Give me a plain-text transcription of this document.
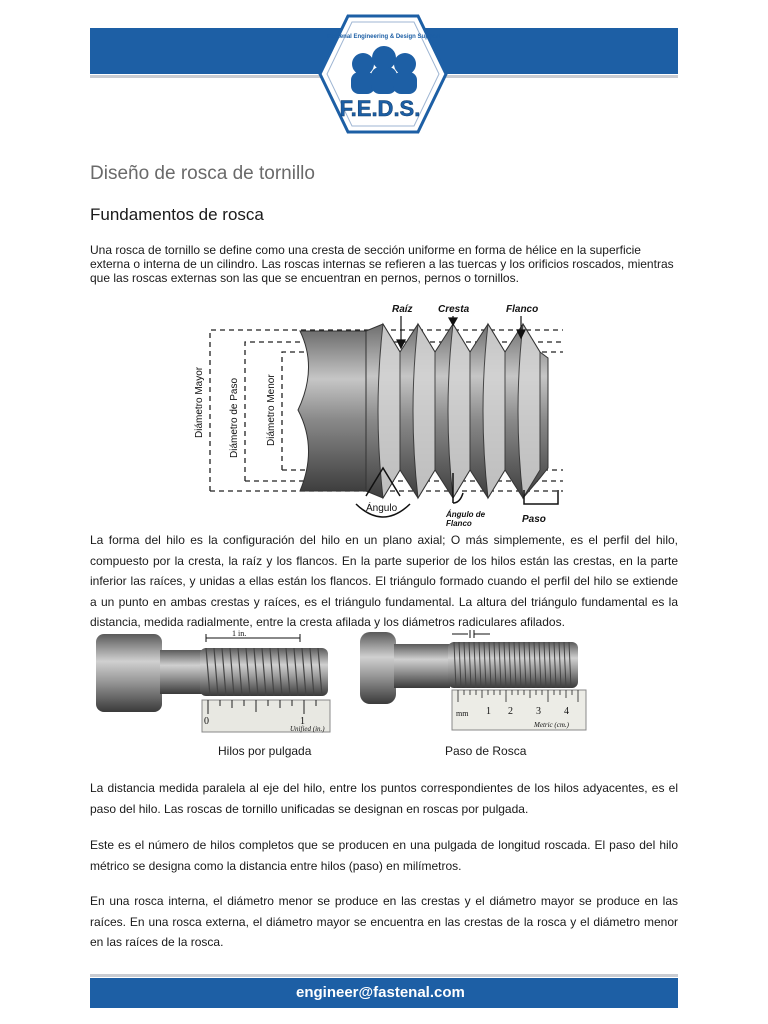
Fastenal Engineering & Design Support
F.E.D.S.
Diseño de rosca de tornillo
Fundamentos de rosca
Una rosca de tornillo se define como una cresta de sección uniforme en forma de hélice en la superficie externa o interna de un cilindro. Las roscas internas se refieren a las tuercas y los orificios roscados, mientras que las roscas externas son las que se encuentran en pernos, pernos o tornillos.
Raíz	Cresta	Flanco
Diámetro Mayor Diámetro de Paso	Diámetro Menor
Ángulo
Ángulo de
Flanco	Paso
La forma del hilo es la configuración del hilo en un plano axial; O más simplemente, es el perfil del hilo, compuesto por la cresta, la raíz y los flancos. En la parte superior de los hilos están las crestas, en la parte inferior las raíces, y unidas a ellas están los flancos. El triángulo formado cuando el perfil del hilo se extiende a un punto en ambas crestas y raíces, es el triángulo fundamental. La altura del triángulo fundamental es la distancia, medida radialmente, entre la cresta afilada y los diámetros radiculares afilados.
1 in.
0	1
Unified (in.)
mm 1 2 3 4
Metric (cm.)
Hilos por pulgada	Paso de Rosca
La distancia medida paralela al eje del hilo, entre los puntos correspondientes de los hilos adyacentes, es el paso del hilo. Las roscas de tornillo unificadas se designan en roscas por pulgada.
Este es el número de hilos completos que se producen en una pulgada de longitud roscada. El paso del hilo métrico se designa como la distancia entre hilos (paso) en milímetros.
En una rosca interna, el diámetro menor se produce en las crestas y el diámetro mayor se produce en las raíces. En una rosca externa, el diámetro mayor se encuentra en las crestas de la rosca y el diámetro menor en las raíces de la rosca.
engineer@fastenal.com
